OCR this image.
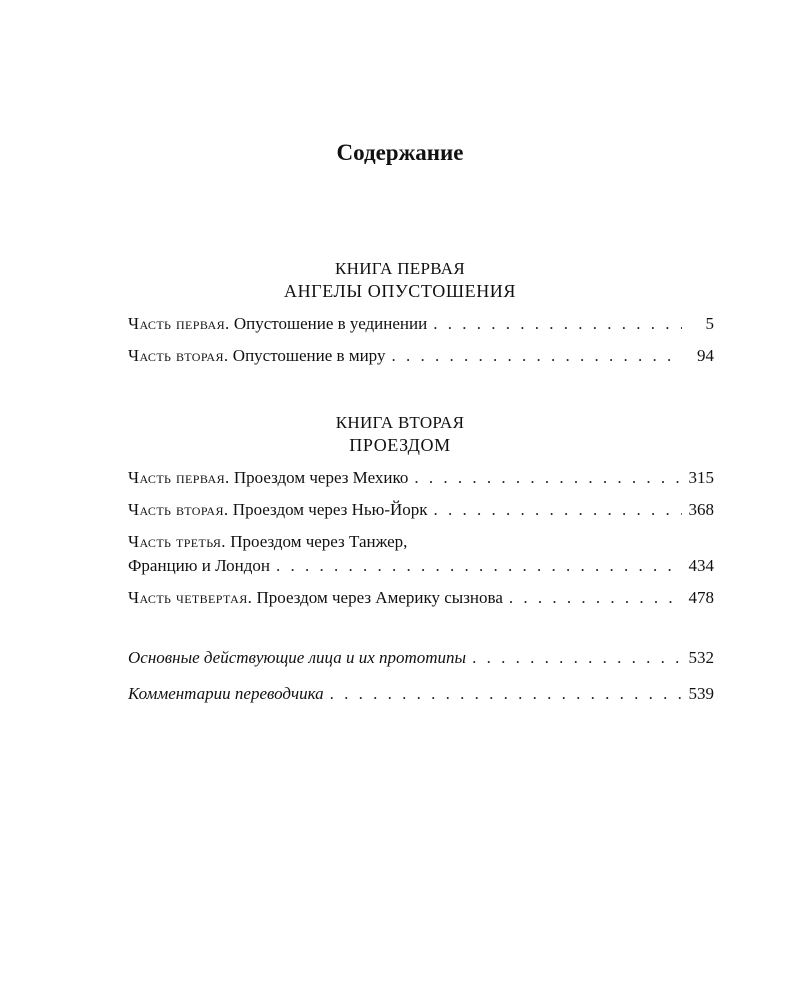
Содержание
КНИГА ПЕРВАЯ
АНГЕЛЫ ОПУСТОШЕНИЯ
Часть первая. Опустошение в уединении . . .	5
Часть вторая. Опустошение в миру . . .	94
КНИГА ВТОРАЯ
ПРОЕЗДОМ
Часть первая. Проездом через Мехико . . .	315
Часть вторая. Проездом через Нью-Йорк . . .	368
Часть третья. Проездом через Танжер,
Францию и Лондон . . .	434
Часть четвертая. Проездом через Америку сызнова . . .	478
Основные действующие лица и их прототипы . . .	532
Комментарии переводчика . . .	539
